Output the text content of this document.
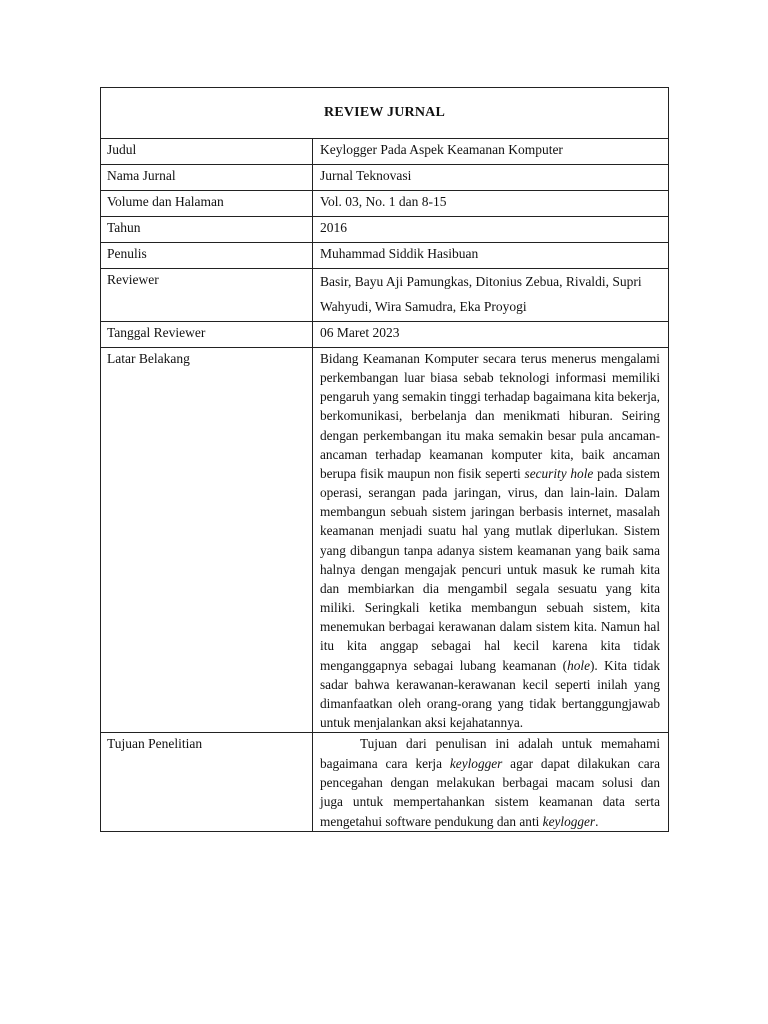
REVIEW JURNAL	
Judul	Keylogger Pada Aspek Keamanan Komputer
Nama Jurnal	Jurnal Teknovasi
Volume dan Halaman	Vol. 03, No. 1 dan 8-15
Tahun	2016
Penulis	Muhammad Siddik Hasibuan
Reviewer	Basir, Bayu Aji Pamungkas, Ditonius Zebua, Rivaldi, Supri Wahyudi, Wira Samudra, Eka Proyogi
Tanggal Reviewer	06 Maret 2023
Latar Belakang	Bidang Keamanan Komputer secara terus menerus mengalami perkembangan luar biasa sebab teknologi informasi memiliki pengaruh yang semakin tinggi terhadap bagaimana kita bekerja, berkomunikasi, berbelanja dan menikmati hiburan. Seiring dengan perkembangan itu maka semakin besar pula ancaman-ancaman terhadap keamanan komputer kita, baik ancaman berupa fisik maupun non fisik seperti security hole pada sistem operasi, serangan pada jaringan, virus, dan lain-lain. Dalam membangun sebuah sistem jaringan berbasis internet, masalah keamanan menjadi suatu hal yang mutlak diperlukan. Sistem yang dibangun tanpa adanya sistem keamanan yang baik sama halnya dengan mengajak pencuri untuk masuk ke rumah kita dan membiarkan dia mengambil segala sesuatu yang kita miliki. Seringkali ketika membangun sebuah sistem, kita menemukan berbagai kerawanan dalam sistem kita. Namun hal itu kita anggap sebagai hal kecil karena kita tidak menganggapnya sebagai lubang keamanan (hole). Kita tidak sadar bahwa kerawanan-kerawanan kecil seperti inilah yang dimanfaatkan oleh orang-orang yang tidak bertanggungjawab untuk menjalankan aksi kejahatannya.

Tujuan Penelitian	Tujuan dari penulisan ini adalah untuk memahami bagaimana cara kerja keylogger agar dapat dilakukan cara pencegahan dengan melakukan berbagai macam solusi dan juga untuk mempertahankan sistem keamanan data serta mengetahui software pendukung dan anti keylogger.
